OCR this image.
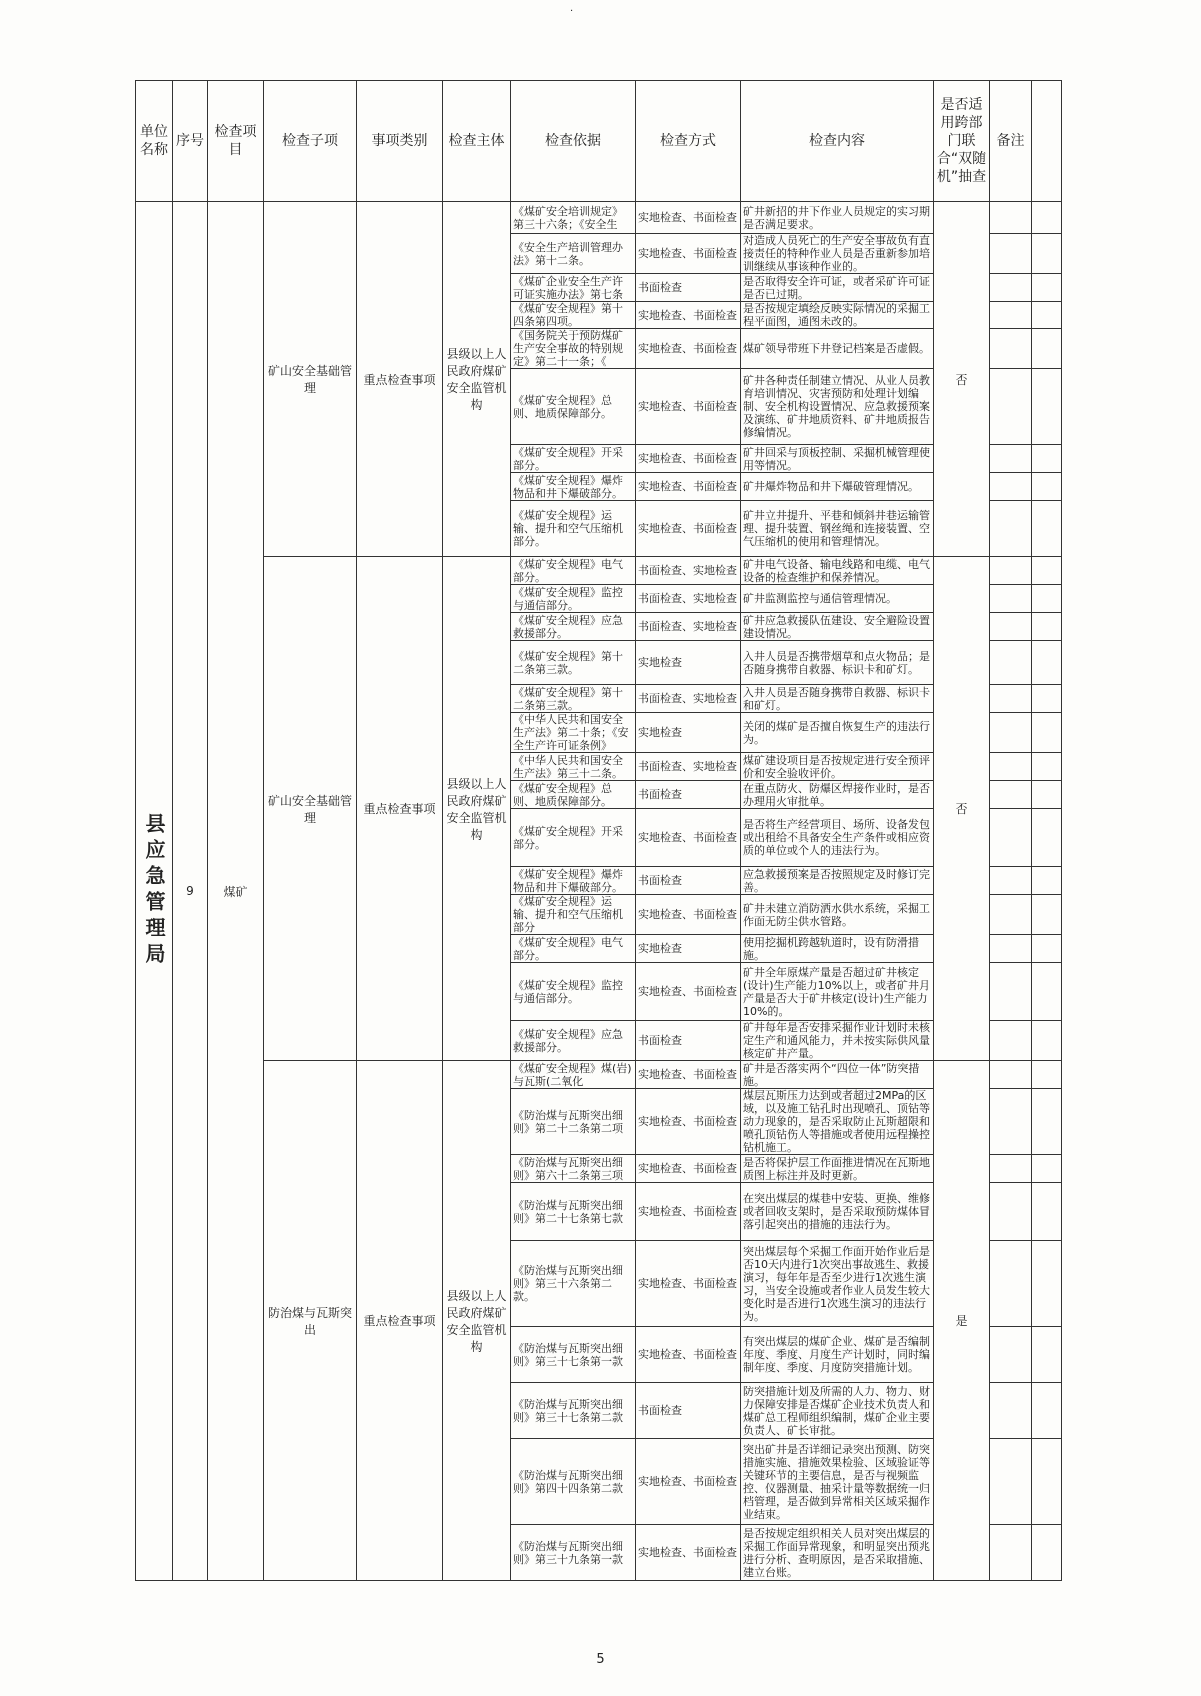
·
单位名称	序号	检查项目	检查子项	事项类别	检查主体	检查依据	检查方式	检查内容	是否适用跨部门联合“双随机”抽查	备注	
县应急管理局	9	煤矿	矿山安全基础管理	重点检查事项	县级以上人民政府煤矿安全监管机构	《煤矿安全培训规定》第三十六条；《安全生	实地检查、书面检查	矿井新招的井下作业人员规定的实习期是否满足要求。	否		
						《安全生产培训管理办法》第十二条。	实地检查、书面检查	对造成人员死亡的生产安全事故负有直接责任的特种作业人员是否重新参加培训继续从事该种作业的。			
						《煤矿企业安全生产许可证实施办法》第七条	书面检查	是否取得安全许可证，或者采矿许可证是否已过期。			
						《煤矿安全规程》第十四条第四项。	实地检查、书面检查	是否按规定填绘反映实际情况的采掘工程平面图，通图未改的。			
						《国务院关于预防煤矿生产安全事故的特别规定》第二十一条；《	实地检查、书面检查	煤矿领导带班下井登记档案是否虚假。			
						《煤矿安全规程》总则、地质保障部分。	实地检查、书面检查	矿井各种责任制建立情况、从业人员教育培训情况、灾害预防和处理计划编制、安全机构设置情况、应急救援预案及演练、矿井地质资料、矿井地质报告修编情况。			
						《煤矿安全规程》开采部分。	实地检查、书面检查	矿井回采与顶板控制、采掘机械管理使用等情况。			
						《煤矿安全规程》爆炸物品和井下爆破部分。	实地检查、书面检查	矿井爆炸物品和井下爆破管理情况。			
						《煤矿安全规程》运输、提升和空气压缩机部分。	实地检查、书面检查	矿井立井提升、平巷和倾斜井巷运输管理、提升装置、钢丝绳和连接装置、空气压缩机的使用和管理情况。			
			矿山安全基础管理	重点检查事项	县级以上人民政府煤矿安全监管机构	《煤矿安全规程》电气部分。	书面检查、实地检查	矿井电气设备、输电线路和电缆、电气设备的检查维护和保养情况。	否		
						《煤矿安全规程》监控与通信部分。	书面检查、实地检查	矿井监测监控与通信管理情况。			
						《煤矿安全规程》应急救援部分。	书面检查、实地检查	矿井应急救援队伍建设、安全避险设置建设情况。			
						《煤矿安全规程》第十二条第三款。	实地检查	入井人员是否携带烟草和点火物品；是否随身携带自救器、标识卡和矿灯。			
						《煤矿安全规程》第十二条第三款。	书面检查、实地检查	入井人员是否随身携带自救器、标识卡和矿灯。			
						《中华人民共和国安全生产法》第二十条；《安全生产许可证条例》	实地检查	关闭的煤矿是否擅自恢复生产的违法行为。			
						《中华人民共和国安全生产法》第三十二条。	书面检查、实地检查	煤矿建设项目是否按规定进行安全预评价和安全验收评价。			
						《煤矿安全规程》总则、地质保障部分。	书面检查	在重点防火、防爆区焊接作业时，是否办理用火审批单。			
						《煤矿安全规程》开采部分。	实地检查、书面检查	是否将生产经营项目、场所、设备发包或出租给不具备安全生产条件或相应资质的单位或个人的违法行为。			
						《煤矿安全规程》爆炸物品和井下爆破部分。	书面检查	应急救援预案是否按照规定及时修订完善。			
						《煤矿安全规程》运输、提升和空气压缩机部分	实地检查、书面检查	矿井未建立消防洒水供水系统，采掘工作面无防尘供水管路。			
						《煤矿安全规程》电气部分。	实地检查	使用挖掘机跨越轨道时，设有防滑措施。			
						《煤矿安全规程》监控与通信部分。	实地检查、书面检查	矿井全年原煤产量是否超过矿井核定(设计)生产能力10%以上，或者矿井月产量是否大于矿井核定(设计)生产能力10%的。			
						《煤矿安全规程》应急救援部分。	书面检查	矿井每年是否安排采掘作业计划时未核定生产和通风能力，并未按实际供风量核定矿井产量。			
			防治煤与瓦斯突出	重点检查事项	县级以上人民政府煤矿安全监管机构	《煤矿安全规程》煤(岩)与瓦斯(二氧化	实地检查、书面检查	矿井是否落实两个“四位一体”防突措施。	是		
						《防治煤与瓦斯突出细则》第二十二条第二项	实地检查、书面检查	煤层瓦斯压力达到或者超过2MPa的区域，以及施工钻孔时出现喷孔、顶钻等动力现象的，是否采取防止瓦斯超限和喷孔顶钻伤人等措施或者使用远程操控钻机施工。			
						《防治煤与瓦斯突出细则》第六十二条第三项	实地检查、书面检查	是否将保护层工作面推进情况在瓦斯地质图上标注并及时更新。			
						《防治煤与瓦斯突出细则》第二十七条第七款	实地检查、书面检查	在突出煤层的煤巷中安装、更换、维修或者回收支架时，是否采取预防煤体冒落引起突出的措施的违法行为。			
						《防治煤与瓦斯突出细则》第三十六条第二款。	实地检查、书面检查	突出煤层每个采掘工作面开始作业后是否10天内进行1次突出事故逃生、救援演习，每年年是否至少进行1次逃生演习，当安全设施或者作业人员发生较大变化时是否进行1次逃生演习的违法行为。			
						《防治煤与瓦斯突出细则》第三十七条第一款	实地检查、书面检查	有突出煤层的煤矿企业、煤矿是否编制年度、季度、月度生产计划时，同时编制年度、季度、月度防突措施计划。			
						《防治煤与瓦斯突出细则》第三十七条第二款	书面检查	防突措施计划及所需的人力、物力、财力保障安排是否煤矿企业技术负责人和煤矿总工程师组织编制，煤矿企业主要负责人、矿长审批。			
						《防治煤与瓦斯突出细则》第四十四条第二款	实地检查、书面检查	突出矿井是否详细记录突出预测、防突措施实施、措施效果检验、区域验证等关键环节的主要信息，是否与视频监控、仪器测量、抽采计量等数据统一归档管理，是否做到异常相关区域采掘作业结束。			
						《防治煤与瓦斯突出细则》第三十九条第一款	实地检查、书面检查	是否按规定组织相关人员对突出煤层的采掘工作面异常现象，和明显突出预兆进行分析、查明原因，是否采取措施、建立台账。			
5
